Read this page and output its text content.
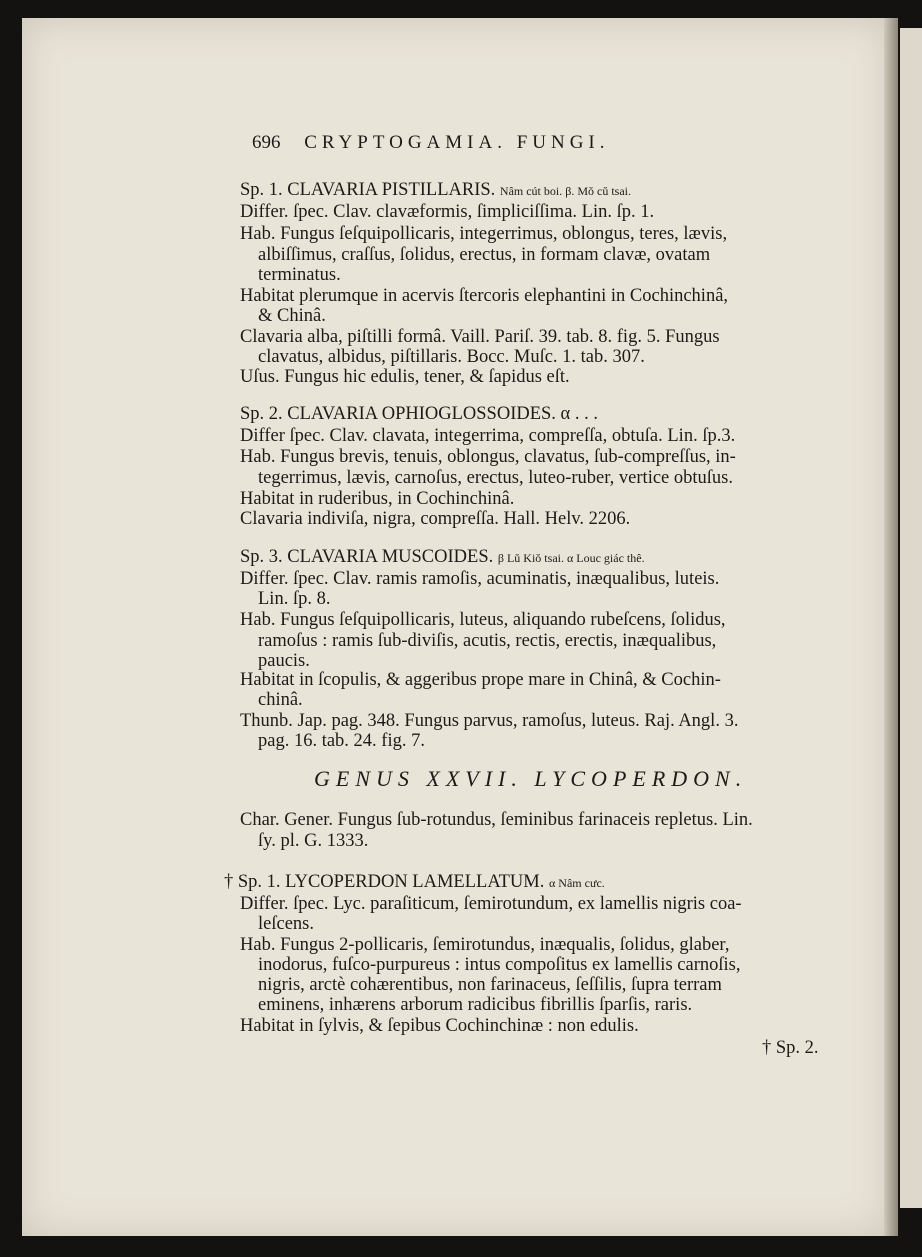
696 CRYPTOGAMIA. FUNGI.
Sp. 1. CLAVARIA PISTILLARIS. Nâm cút boi. β. Mŏ cŭ tsai.
Differ. ſpec. Clav. clavæformis, ſimpliciſſima. Lin. ſp. 1.
Hab. Fungus ſeſquipollicaris, integerrimus, oblongus, teres, lævis,
albiſſimus, craſſus, ſolidus, erectus, in formam clavæ, ovatam
terminatus.
Habitat plerumque in acervis ſtercoris elephantini in Cochinchinâ,
& Chinâ.
Clavaria alba, piſtilli formâ. Vaill. Pariſ. 39. tab. 8. fig. 5. Fungus
clavatus, albidus, piſtillaris. Bocc. Muſc. 1. tab. 307.
Uſus. Fungus hic edulis, tener, & ſapidus eſt.
Sp. 2. CLAVARIA OPHIOGLOSSOIDES. α . . .
Differ ſpec. Clav. clavata, integerrima, compreſſa, obtuſa. Lin. ſp.3.
Hab. Fungus brevis, tenuis, oblongus, clavatus, ſub-compreſſus, in-
tegerrimus, lævis, carnoſus, erectus, luteo-ruber, vertice obtuſus.
Habitat in ruderibus, in Cochinchinâ.
Clavaria indiviſa, nigra, compreſſa. Hall. Helv. 2206.
Sp. 3. CLAVARIA MUSCOIDES. β Lŭ Kiŏ tsai. α Louc giác thê.
Differ. ſpec. Clav. ramis ramoſis, acuminatis, inæqualibus, luteis.
Lin. ſp. 8.
Hab. Fungus ſeſquipollicaris, luteus, aliquando rubeſcens, ſolidus,
ramoſus : ramis ſub-diviſis, acutis, rectis, erectis, inæqualibus,
paucis.
Habitat in ſcopulis, & aggeribus prope mare in Chinâ, & Cochin-
chinâ.
Thunb. Jap. pag. 348. Fungus parvus, ramoſus, luteus. Raj. Angl. 3.
pag. 16. tab. 24. fig. 7.
GENUS XXVII. LYCOPERDON.
Char. Gener. Fungus ſub-rotundus, ſeminibus farinaceis repletus. Lin.
ſy. pl. G. 1333.
† Sp. 1. LYCOPERDON LAMELLATUM. α Nâm cưc.
Differ. ſpec. Lyc. paraſiticum, ſemirotundum, ex lamellis nigris coa-
leſcens.
Hab. Fungus 2-pollicaris, ſemirotundus, inæqualis, ſolidus, glaber,
inodorus, fuſco-purpureus : intus compoſitus ex lamellis carnoſis,
nigris, arctè cohærentibus, non farinaceus, ſeſſilis, ſupra terram
eminens, inhærens arborum radicibus fibrillis ſparſis, raris.
Habitat in ſylvis, & ſepibus Cochinchinæ : non edulis.
† Sp. 2.
